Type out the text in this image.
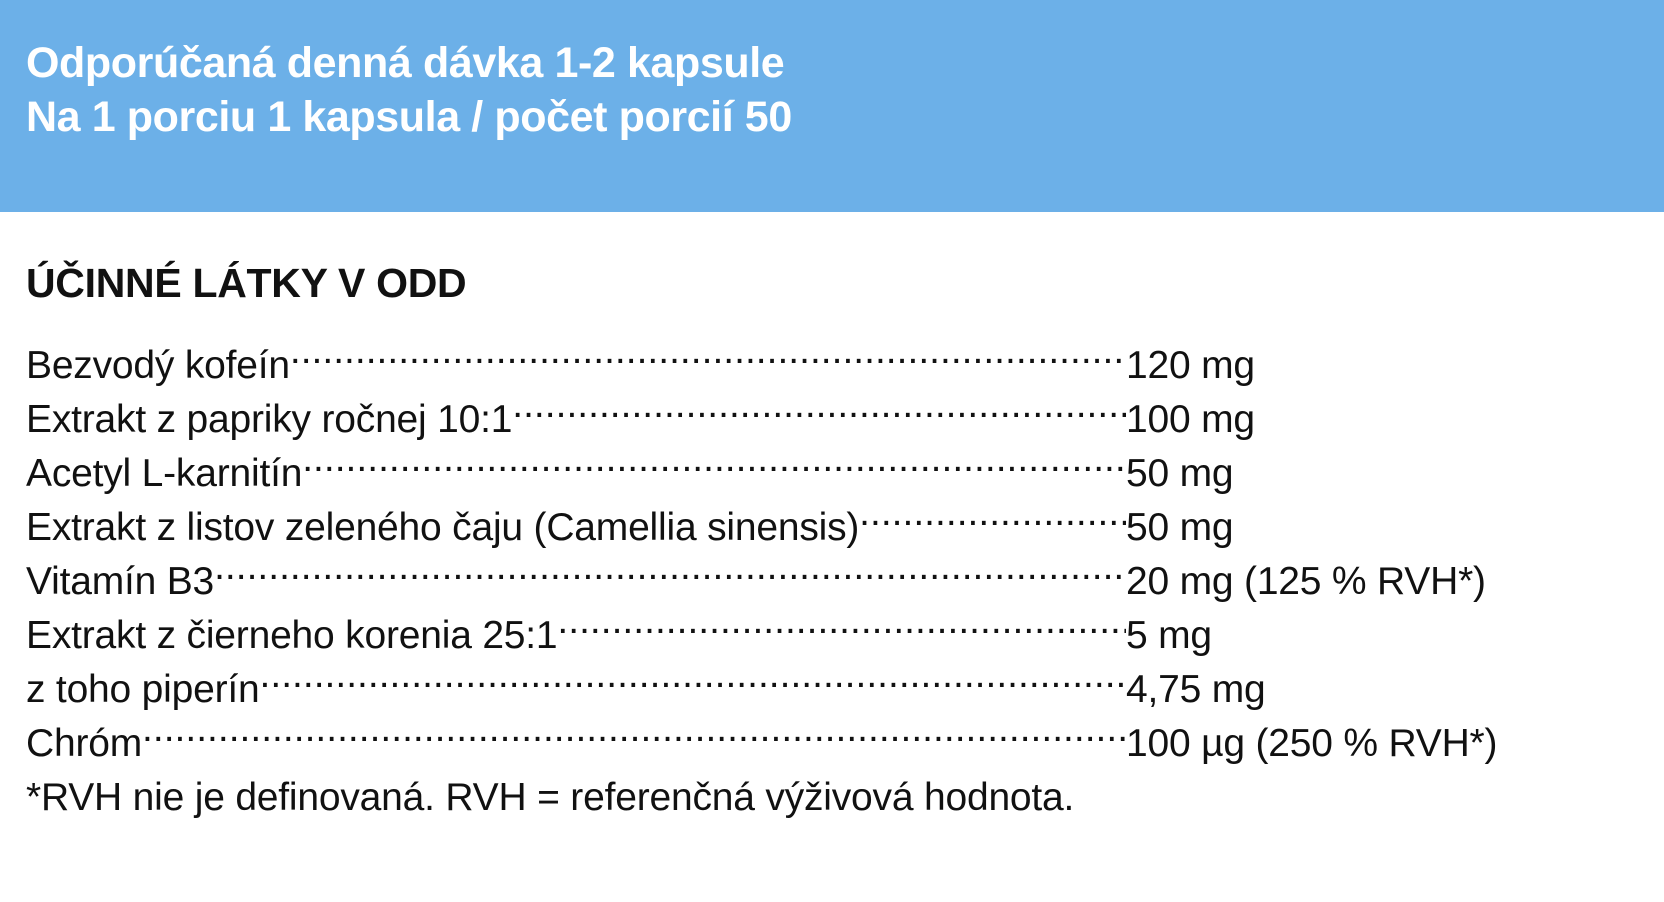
Odporúčaná denná dávka 1-2 kapsule
Na 1 porciu 1 kapsula / počet porcií 50
ÚČINNÉ LÁTKY V ODD
Bezvodý kofeín .....	120 mg
Extrakt z papriky ročnej 10:1 .....	100 mg
Acetyl L-karnitín .....	50 mg
Extrakt z listov zeleného čaju (Camellia sinensis) .....	50 mg
Vitamín B3 .....	20 mg (125 % RVH*)
Extrakt z čierneho korenia 25:1 .....	5 mg
z toho piperín .....	4,75 mg
Chróm .....	100 µg (250 % RVH*)
*RVH nie je definovaná. RVH = referenčná výživová hodnota.
